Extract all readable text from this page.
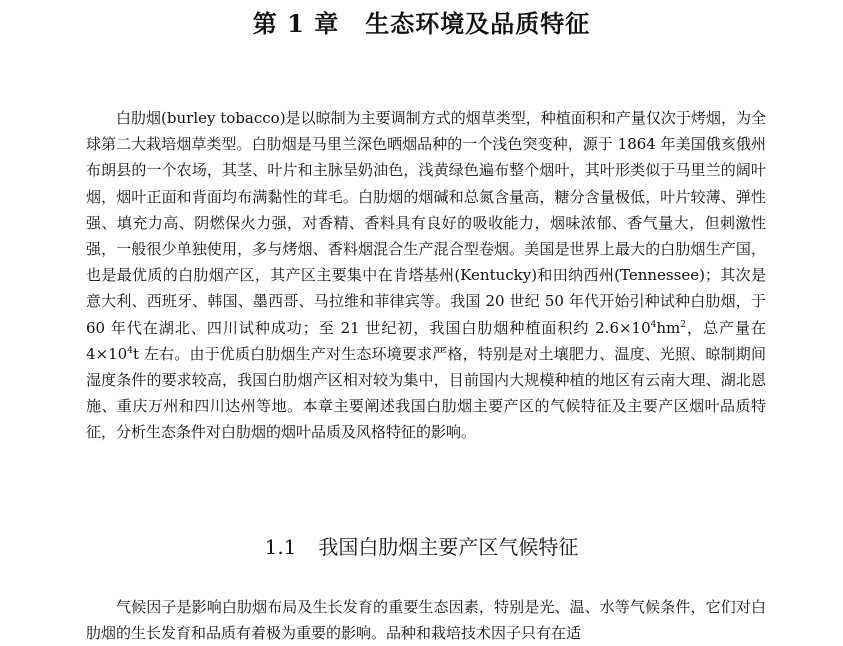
第 1 章 生态环境及品质特征

白肋烟(burley tobacco)是以晾制为主要调制方式的烟草类型，种植面积和产量仅次于烤烟，为全球第二大栽培烟草类型。白肋烟是马里兰深色晒烟品种的一个浅色突变种，源于 1864 年美国俄亥俄州布朗县的一个农场，其茎、叶片和主脉呈奶油色，浅黄绿色遍布整个烟叶，其叶形类似于马里兰的阔叶烟，烟叶正面和背面均布满黏性的茸毛。白肋烟的烟碱和总氮含量高，糖分含量极低，叶片较薄、弹性强、填充力高、阴燃保火力强，对香精、香料具有良好的吸收能力，烟味浓郁、香气量大，但刺激性强，一般很少单独使用，多与烤烟、香料烟混合生产混合型卷烟。美国是世界上最大的白肋烟生产国，也是最优质的白肋烟产区，其产区主要集中在肯塔基州(Kentucky)和田纳西州(Tennessee)；其次是意大利、西班牙、韩国、墨西哥、马拉维和菲律宾等。我国 20 世纪 50 年代开始引种试种白肋烟，于 60 年代在湖北、四川试种成功；至 21 世纪初，我国白肋烟种植面积约 $2.6\times 10^4hm^2$，总产量在 $4\times 10^4t$ 左右。由于优质白肋烟生产对生态环境要求严格，特别是对土壤肥力、温度、光照、晾制期间湿度条件的要求较高，我国白肋烟产区相对较为集中，目前国内大规模种植的地区有云南大理、湖北恩施、重庆万州和四川达州等地。本章主要阐述我国白肋烟主要产区的气候特征及主要产区烟叶品质特征，分析生态条件对白肋烟的烟叶品质及风格特征的影响。

1.1 我国白肋烟主要产区气候特征

气候因子是影响白肋烟布局及生长发育的重要生态因素，特别是光、温、水等气候条件，它们对白肋烟的生长发育和品质有着极为重要的影响。品种和栽培技术因子只有在适
